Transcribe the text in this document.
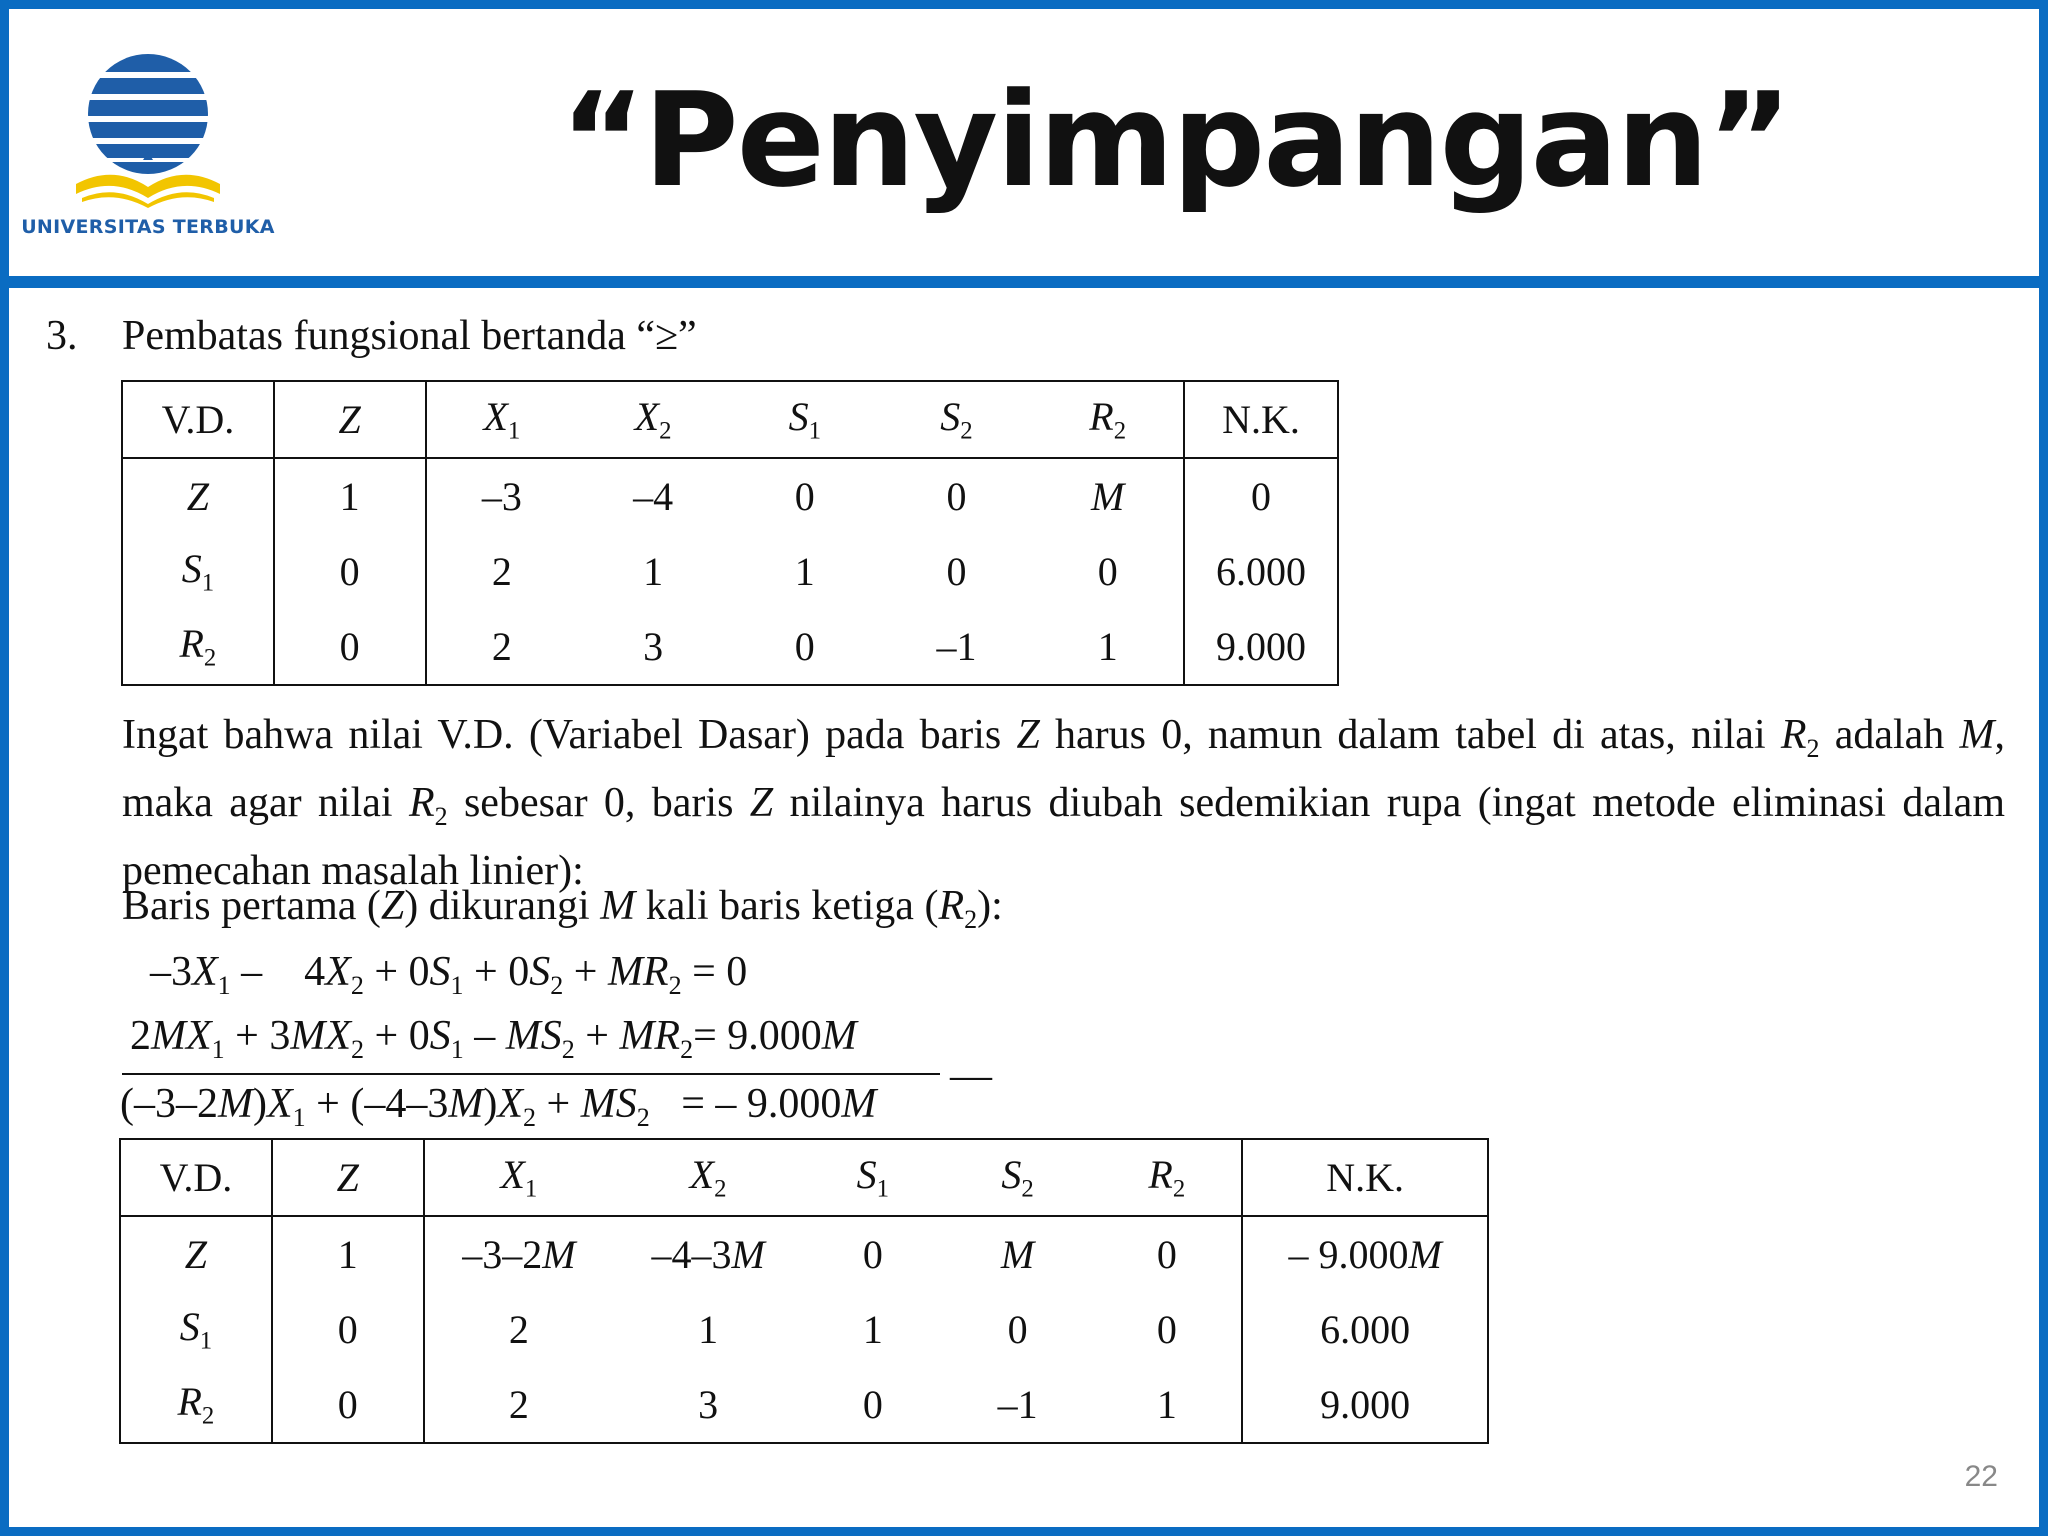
UNIVERSITAS TERBUKA
“Penyimpangan”
3. Pembatas fungsional bertanda “≥”
V.D.	Z	$X_1$	$X_2$	$S_1$	$S_2$	$R_2$	N.K.
Z	1	–3	–4	0	0	M	0
$S_1$	0	2	1	1	0	0	6.000
$R_2$	0	2	3	0	–1	1	9.000
Ingat bahwa nilai V.D. (Variabel Dasar) pada baris Z harus 0, namun dalam tabel di atas, nilai $R_2$ adalah M, maka agar nilai $R_2$ sebesar 0, baris Z nilainya harus diubah sedemikian rupa (ingat metode eliminasi dalam pemecahan masalah linier):
Baris pertama (Z) dikurangi M kali baris ketiga $(R_2)$:
$-3X_1$ –    $4X_2 + 0S_1 + 0S_2 + MR_2 = 0$
$2MX_1 + 3MX_2 + 0S_1 - MS_2 + MR_2= 9.000M$
—
$(-3-2M)X_1 + (-4-3M)X_2 + MS_2$   = – 9.000M
V.D.	Z	$X_1$	$X_2$	$S_1$	$S_2$	$R_2$	N.K.
Z	1	–3–2M	–4–3M	0	M	0	– 9.000M
$S_1$	0	2	1	1	0	0	6.000
$R_2$	0	2	3	0	–1	1	9.000
22
